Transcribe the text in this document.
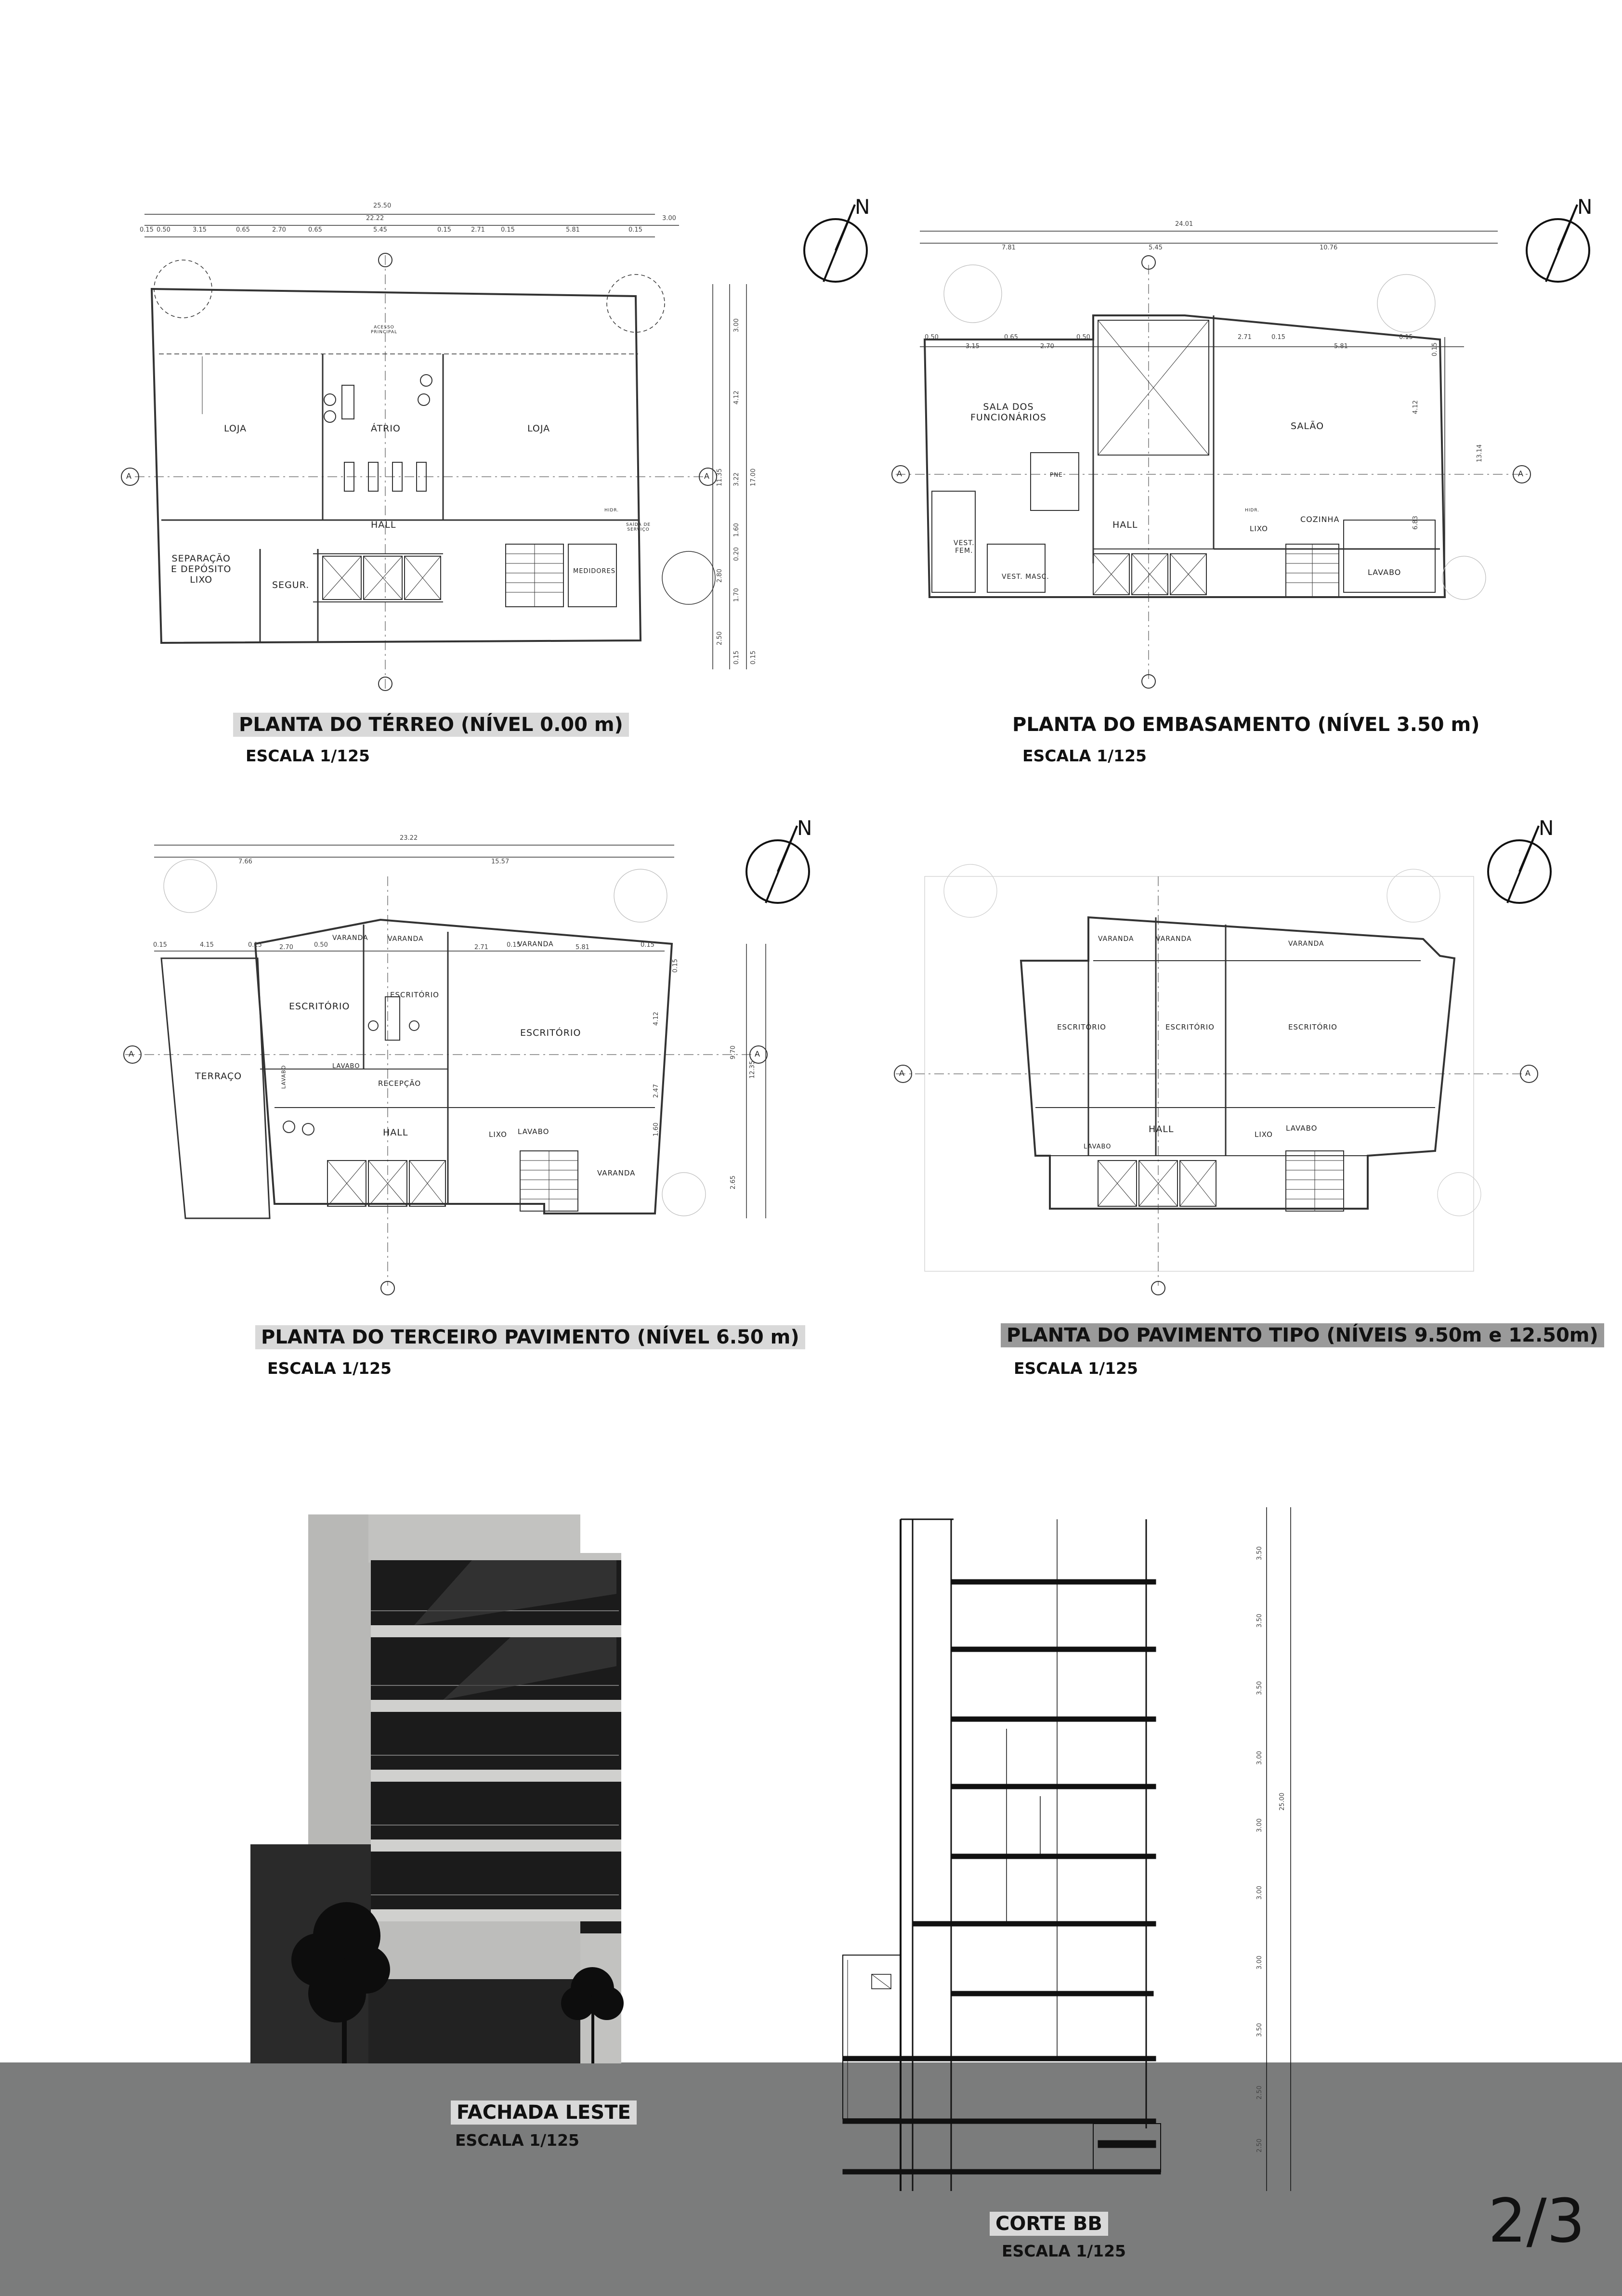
25.50
22.22	3.00
0.15 0.50	3.15	0.65	2.70	0.65	5.45	0.15	2.71	0.15	5.81	0.15
3.00
4.12
3.22
11.35	17.00
1.60
0.20
2.80
1.70
2.50
0.15 0.15
LOJA	ÁTRIO	LOJA
HALL
SEPARAÇÃO
E DEPÓSITO
LIXO
SEGUR.
MEDIDORES
ACESSO
PRINCIPAL
SAÍDA DE
SERVIÇO
HIDR.
A	A
N
PLANTA DO TÉRREO (NÍVEL 0.00 m)
ESCALA 1/125
24.01
7.81	5.45	10.76
0.50
3.15
0.65
2.70
0.50	2.71	0.15
5.81
0.15
0.15
4.12
13.14
6.83
SALA DOS
FUNCIONÁRIOS
SALÃO
HALL
COZINHA
LIXO
LAVABO
VEST.
FEM.
VEST. MASC.
PNE
HIDR.
A	A
N
PLANTA DO EMBASAMENTO (NÍVEL 3.50 m)
ESCALA 1/125
23.22
7.66	15.57
0.15	4.15	0.15	2.70	0.50	2.71	0.15	5.81	0.15
0.15
4.12
9.70
12.35
2.47
1.60
2.65
TERRAÇO
ESCRITÓRIO
ESCRITÓRIO
ESCRITÓRIO
VARANDA	VARANDA
VARANDA
VARANDA
LAVABO	LAVABO
LAVABO
RECEPÇÃO
HALL	LIXO
A	A
N
PLANTA DO TERCEIRO PAVIMENTO (NÍVEL 6.50 m)
ESCALA 1/125
VARANDA	VARANDA
VARANDA
ESCRITÓRIO	ESCRITÓRIO	ESCRITÓRIO
HALL
LAVABO
LAVABO
LIXO
A	A
N
PLANTA DO PAVIMENTO TIPO (NÍVEIS 9.50m e 12.50m)
ESCALA 1/125
FACHADA LESTE
ESCALA 1/125
3.50
3.50
3.50
3.00
3.00
3.00
3.00
3.50
2.50
2.50
25.00
CORTE BB
ESCALA 1/125	2/3
